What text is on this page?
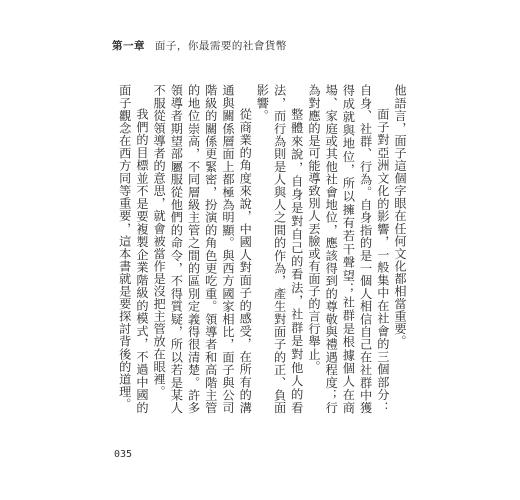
第一章 面子，你最需要的社會貨幣

他語言，面子這個字眼在任何文化都相當重要。

面子對亞洲文化的影響，一般集中在社會的三個部分：自身、社群、行為。自身指的是一個人相信自己在社群中獲得成就與地位，所以擁有若干聲望；社群是根據個人在商場、家庭或其他社會地位，應該得到的尊敬與禮遇程度；行為對應的是可能導致別人丟臉或有面子的言行舉止。

整體來說，自身是對自己的看法，社群是對他人的看法，而行為則是人與人之間的作為，產生對面子的正、負面影響。

從商業的角度來說，中國人對面子的感受，在所有的溝通與關係層面上都極為明顯。與西方國家相比，面子與公司階級的關係更緊密，扮演的角色更吃重。領導者和高階主管的地位崇高，不同層級主管之間的區別定義得很清楚。許多領導者期望部屬服從他們的命令，不得質疑，所以若是某人不服從領導者的意思，就會被當作是沒把主管放在眼裡。

我們的目標並不是要複製企業階級的模式，不過中國的面子觀念在西方同等重要，這本書就是要探討背後的道理。

035
